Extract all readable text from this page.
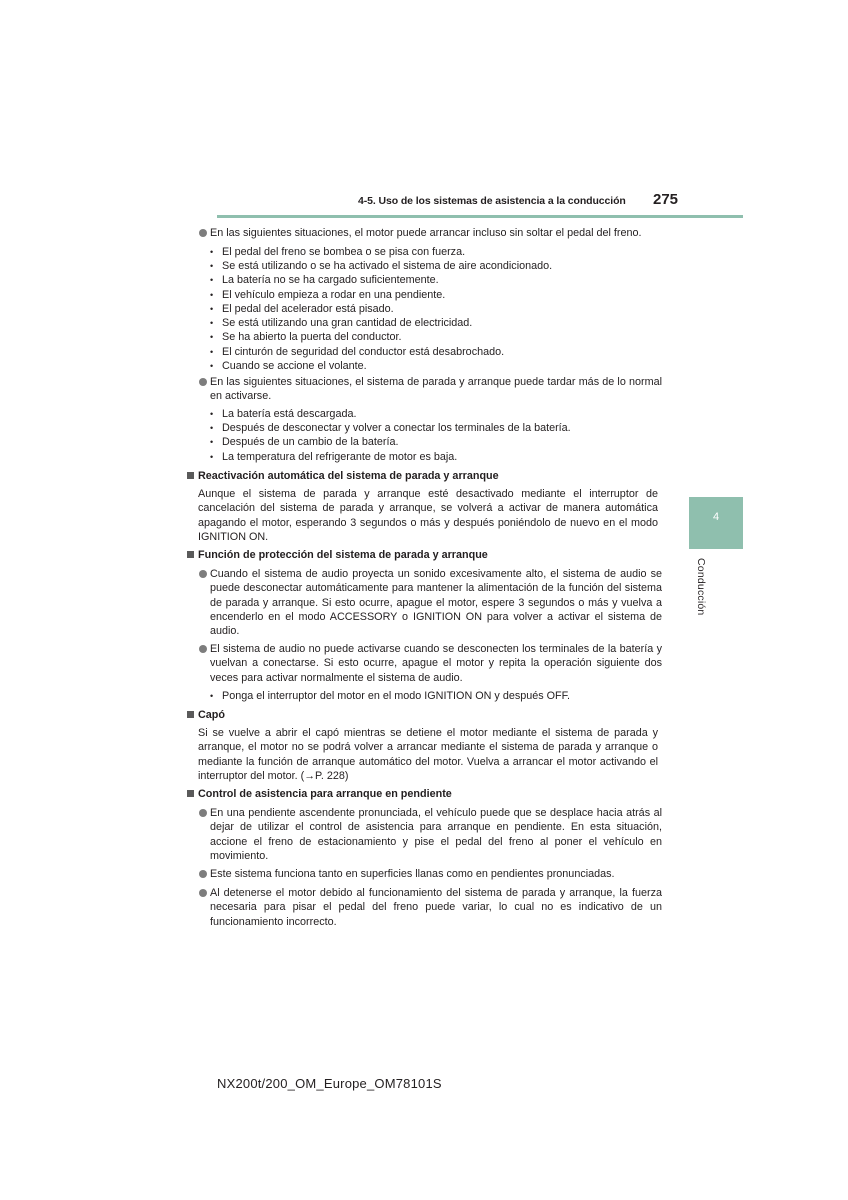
4-5. Uso de los sistemas de asistencia a la conducción 275
4
Conducción
En las siguientes situaciones, el motor puede arrancar incluso sin soltar el pedal del freno.
• El pedal del freno se bombea o se pisa con fuerza.
• Se está utilizando o se ha activado el sistema de aire acondicionado.
• La batería no se ha cargado suficientemente.
• El vehículo empieza a rodar en una pendiente.
• El pedal del acelerador está pisado.
• Se está utilizando una gran cantidad de electricidad.
• Se ha abierto la puerta del conductor.
• El cinturón de seguridad del conductor está desabrochado.
• Cuando se accione el volante.
En las siguientes situaciones, el sistema de parada y arranque puede tardar más de lo normal en activarse.
• La batería está descargada.
• Después de desconectar y volver a conectar los terminales de la batería.
• Después de un cambio de la batería.
• La temperatura del refrigerante de motor es baja.
Reactivación automática del sistema de parada y arranque
Aunque el sistema de parada y arranque esté desactivado mediante el interruptor de cancelación del sistema de parada y arranque, se volverá a activar de manera automática apagando el motor, esperando 3 segundos o más y después poniéndolo de nuevo en el modo IGNITION ON.
Función de protección del sistema de parada y arranque
Cuando el sistema de audio proyecta un sonido excesivamente alto, el sistema de audio se puede desconectar automáticamente para mantener la alimentación de la función del sistema de parada y arranque. Si esto ocurre, apague el motor, espere 3 segundos o más y vuelva a encenderlo en el modo ACCESSORY o IGNITION ON para volver a activar el sistema de audio.
El sistema de audio no puede activarse cuando se desconecten los terminales de la batería y vuelvan a conectarse. Si esto ocurre, apague el motor y repita la operación siguiente dos veces para activar normalmente el sistema de audio.
• Ponga el interruptor del motor en el modo IGNITION ON y después OFF.
Capó
Si se vuelve a abrir el capó mientras se detiene el motor mediante el sistema de parada y arranque, el motor no se podrá volver a arrancar mediante el sistema de parada y arranque o mediante la función de arranque automático del motor. Vuelva a arrancar el motor activando el interruptor del motor. (→P. 228)
Control de asistencia para arranque en pendiente
En una pendiente ascendente pronunciada, el vehículo puede que se desplace hacia atrás al dejar de utilizar el control de asistencia para arranque en pendiente. En esta situación, accione el freno de estacionamiento y pise el pedal del freno al poner el vehículo en movimiento.
Este sistema funciona tanto en superficies llanas como en pendientes pronunciadas.
Al detenerse el motor debido al funcionamiento del sistema de parada y arranque, la fuerza necesaria para pisar el pedal del freno puede variar, lo cual no es indicativo de un funcionamiento incorrecto.
NX200t/200_OM_Europe_OM78101S
